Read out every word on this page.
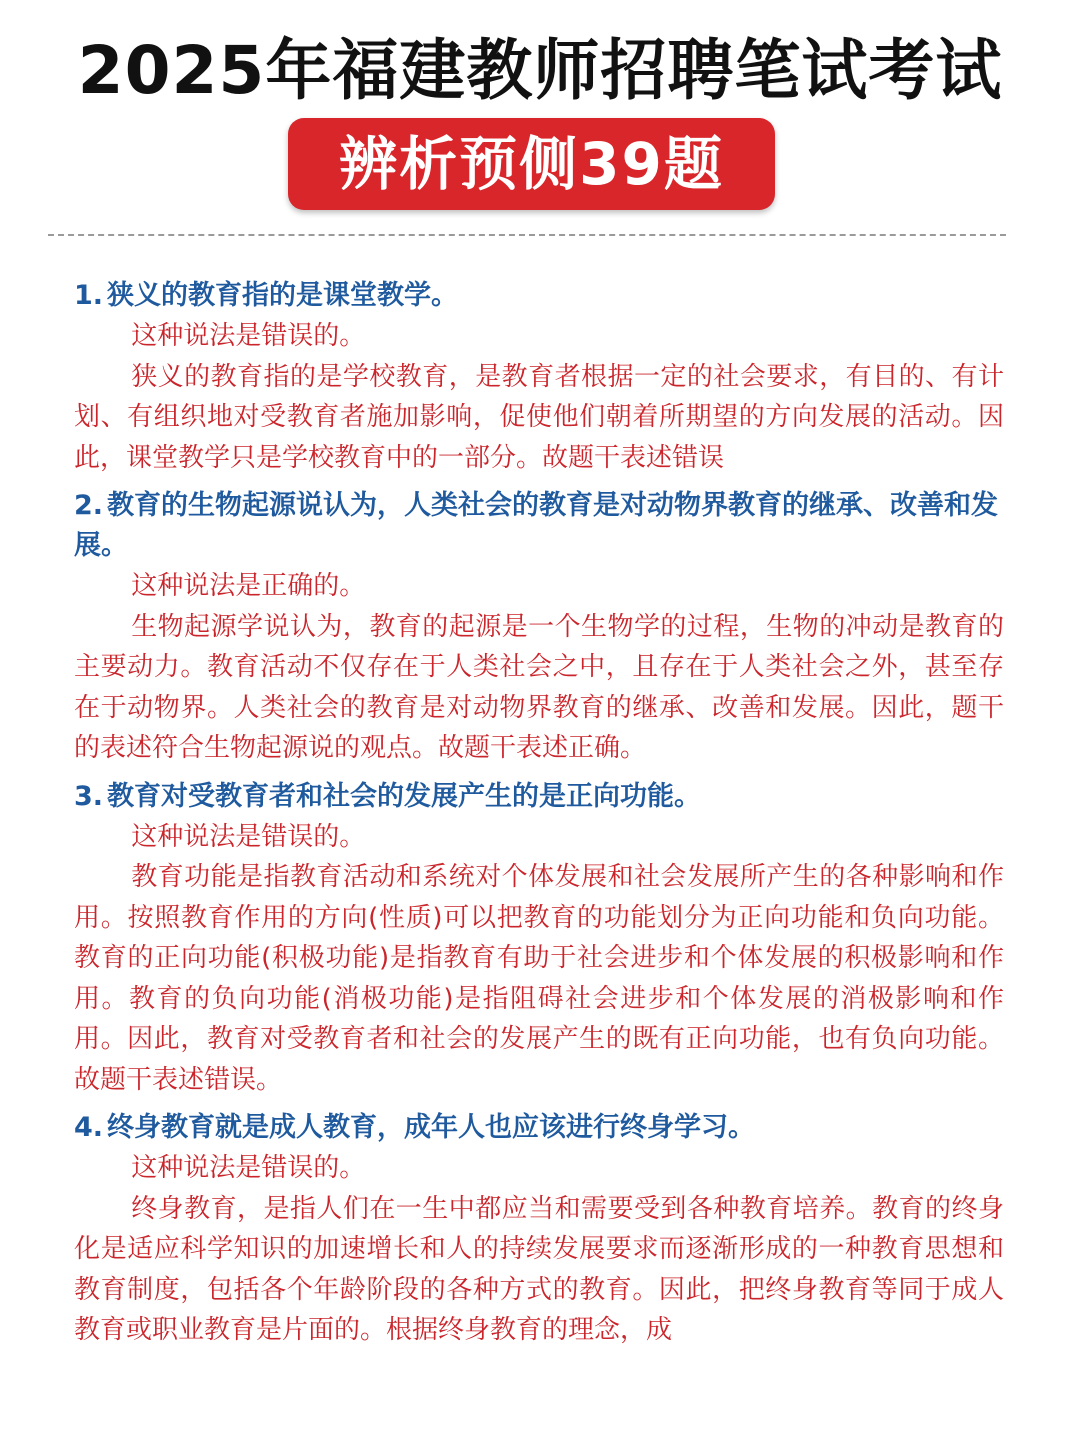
2025年福建教师招聘笔试考试
辨析预侧39题
1. 狭义的教育指的是课堂教学。
这种说法是错误的。
狭义的教育指的是学校教育，是教育者根据一定的社会要求，有目的、有计划、有组织地对受教育者施加影响，促使他们朝着所期望的方向发展的活动。因此，课堂教学只是学校教育中的一部分。故题干表述错误
2. 教育的生物起源说认为，人类社会的教育是对动物界教育的继承、改善和发展。
这种说法是正确的。
生物起源学说认为，教育的起源是一个生物学的过程，生物的冲动是教育的主要动力。教育活动不仅存在于人类社会之中，且存在于人类社会之外，甚至存在于动物界。人类社会的教育是对动物界教育的继承、改善和发展。因此，题干的表述符合生物起源说的观点。故题干表述正确。
3. 教育对受教育者和社会的发展产生的是正向功能。
这种说法是错误的。
教育功能是指教育活动和系统对个体发展和社会发展所产生的各种影响和作用。按照教育作用的方向(性质)可以把教育的功能划分为正向功能和负向功能。教育的正向功能(积极功能)是指教育有助于社会进步和个体发展的积极影响和作用。教育的负向功能(消极功能)是指阻碍社会进步和个体发展的消极影响和作用。因此，教育对受教育者和社会的发展产生的既有正向功能，也有负向功能。故题干表述错误。
4. 终身教育就是成人教育，成年人也应该进行终身学习。
这种说法是错误的。
终身教育，是指人们在一生中都应当和需要受到各种教育培养。教育的终身化是适应科学知识的加速增长和人的持续发展要求而逐渐形成的一种教育思想和教育制度，包括各个年龄阶段的各种方式的教育。因此，把终身教育等同于成人教育或职业教育是片面的。根据终身教育的理念，成
